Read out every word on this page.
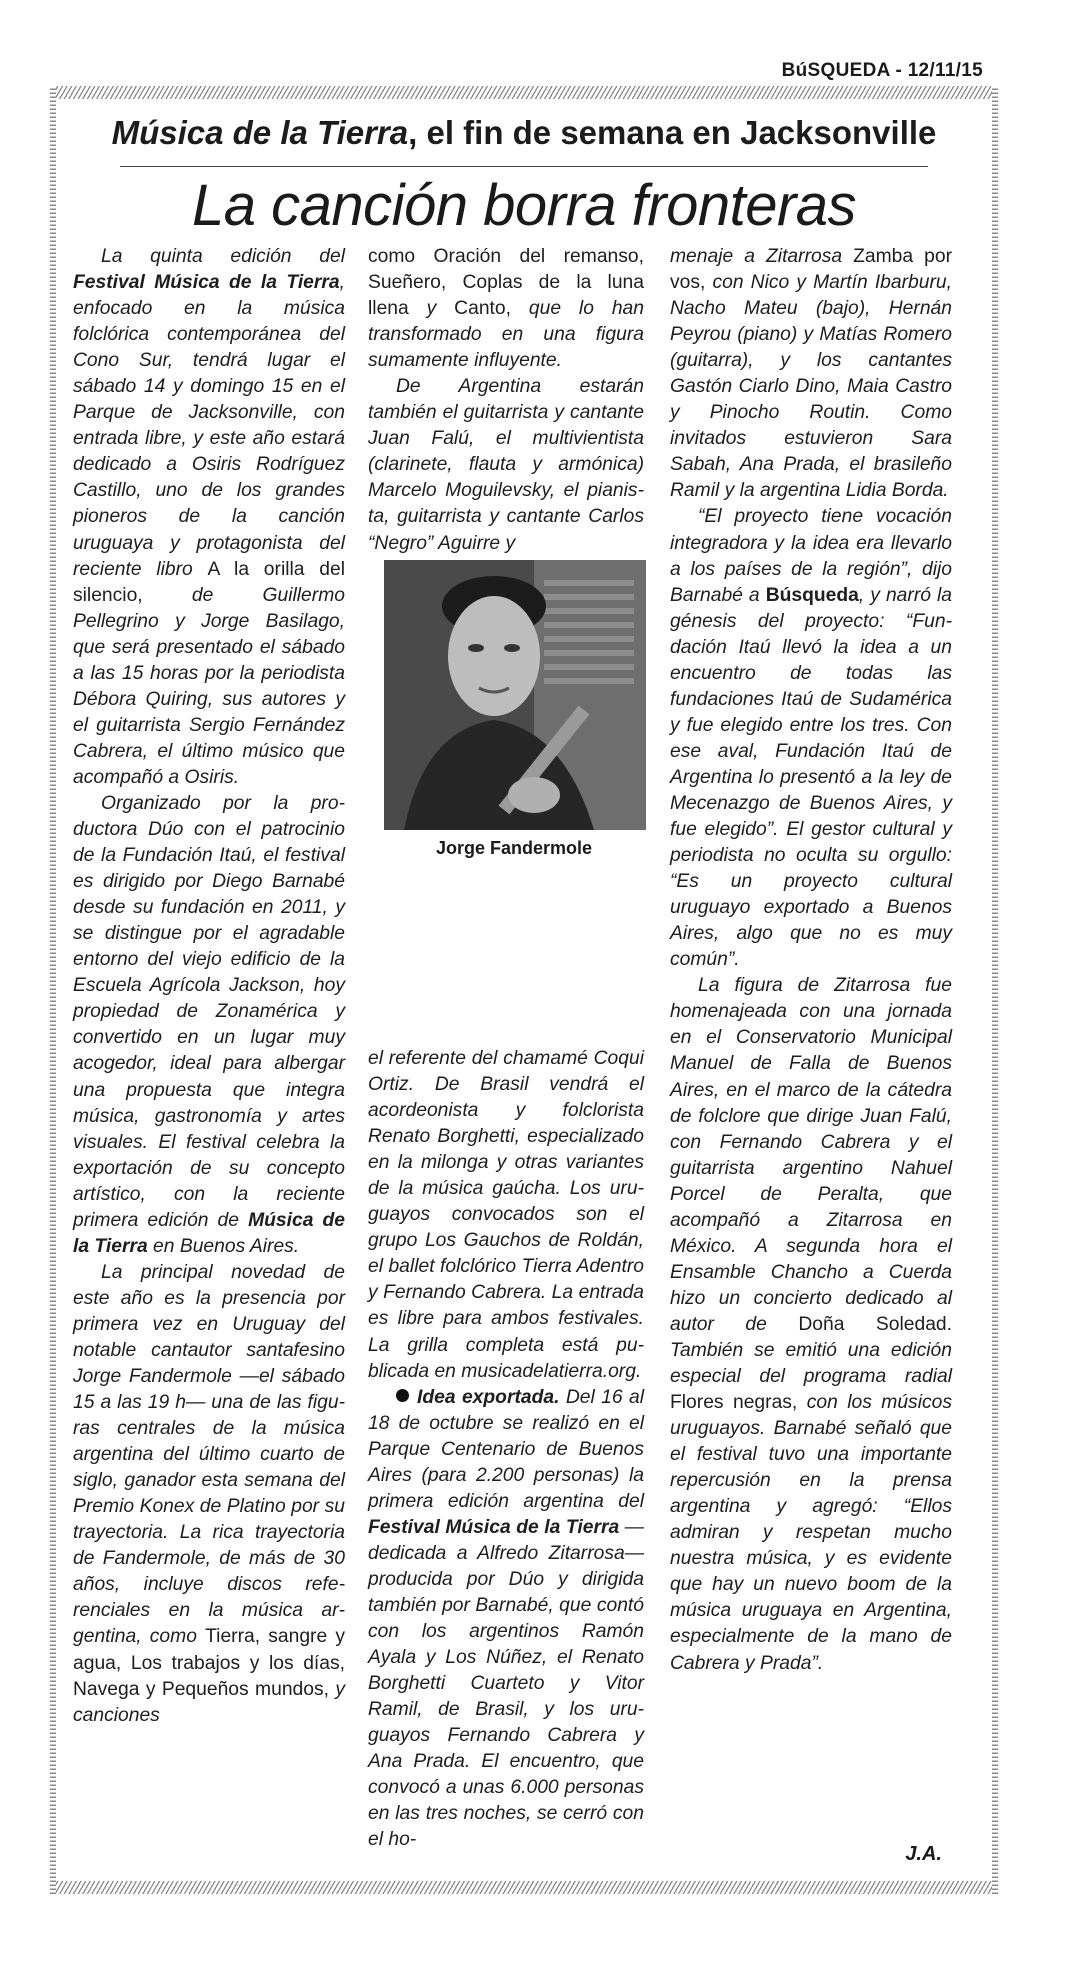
BúSQUEDA - 12/11/15
Música de la Tierra, el fin de semana en Jacksonville
La canción borra fronteras

La quinta edición del Festival Música de la Tierra, enfocado en la música folclórica contemporánea del Cono Sur, tendrá lugar el sábado 14 y domingo 15 en el Parque de Jacksonville, con entrada libre, y este año estará dedicado a Osiris Rodríguez Castillo, uno de los grandes pioneros de la canción uruguaya y protagonista del reciente libro A la orilla del silencio, de Guillermo Pellegrino y Jorge Basilago, que será presentado el sábado a las 15 horas por la periodista Débora Quiring, sus autores y el guitarrista Sergio Fernández Cabrera, el último músico que acompañó a Osiris.

Organizado por la productora Dúo con el patrocinio de la Fundación Itaú, el festival es dirigido por Diego Barnabé desde su fundación en 2011, y se distingue por el agradable entorno del viejo edificio de la Escuela Agrícola Jackson, hoy propiedad de Zonamérica y convertido en un lugar muy acogedor, ideal para albergar una propuesta que integra música, gastronomía y artes visuales. El festival celebra la exportación de su concepto artístico, con la reciente primera edición de Música de la Tierra en Buenos Aires.

La principal novedad de este año es la presencia por primera vez en Uruguay del notable cantautor santafesino Jorge Fandermole —el sábado 15 a las 19 h— una de las figuras centrales de la música argentina del último cuarto de siglo, ganador esta semana del Premio Konex de Platino por su trayectoria. La rica trayectoria de Fandermole, de más de 30 años, incluye discos referenciales en la música argentina, como Tierra, sangre y agua, Los trabajos y los días, Navega y Pequeños mundos, y canciones

como Oración del remanso, Sueñero, Coplas de la luna llena y Canto, que lo han transformado en una figura sumamente influyente.

De Argentina estarán también el guitarrista y cantante Juan Falú, el multivientista (clarinete, flauta y armónica) Marcelo Moguilevsky, el pianista, guitarrista y cantante Carlos “Negro” Aguirre y

Jorge Fandermole

el referente del chamamé Coqui Ortiz. De Brasil vendrá el acordeonista y folclorista Renato Borghetti, especializado en la milonga y otras variantes de la música gaúcha. Los uruguayos convocados son el grupo Los Gauchos de Roldán, el ballet folclórico Tierra Adentro y Fernando Cabrera. La entrada es libre para ambos festivales. La grilla completa está publicada en musicadelatierra.org.

Idea exportada. Del 16 al 18 de octubre se realizó en el Parque Centenario de Buenos Aires (para 2.200 personas) la primera edición argentina del Festival Música de la Tierra —dedicada a Alfredo Zitarrosa— producida por Dúo y dirigida también por Barnabé, que contó con los argentinos Ramón Ayala y Los Núñez, el Renato Borghetti Cuarteto y Vitor Ramil, de Brasil, y los uruguayos Fernando Cabrera y Ana Prada. El encuentro, que convocó a unas 6.000 personas en las tres noches, se cerró con el ho-

menaje a Zitarrosa Zamba por vos, con Nico y Martín Ibarburu, Nacho Mateu (bajo), Hernán Peyrou (piano) y Matías Romero (guitarra), y los cantantes Gastón Ciarlo Dino, Maia Castro y Pinocho Routin. Como invitados estuvieron Sara Sabah, Ana Prada, el brasileño Ramil y la argentina Lidia Borda.

“El proyecto tiene vocación integradora y la idea era llevarlo a los países de la región”, dijo Barnabé a Búsqueda, y narró la génesis del proyecto: “Fundación Itaú llevó la idea a un encuentro de todas las fundaciones Itaú de Sudamérica y fue elegido entre los tres. Con ese aval, Fundación Itaú de Argentina lo presentó a la ley de Mecenazgo de Buenos Aires, y fue elegido”. El gestor cultural y periodista no oculta su orgullo: “Es un proyecto cultural uruguayo exportado a Buenos Aires, algo que no es muy común”.

La figura de Zitarrosa fue homenajeada con una jornada en el Conservatorio Municipal Manuel de Falla de Buenos Aires, en el marco de la cátedra de folclore que dirige Juan Falú, con Fernando Cabrera y el guitarrista argentino Nahuel Porcel de Peralta, que acompañó a Zitarrosa en México. A segunda hora el Ensamble Chancho a Cuerda hizo un concierto dedicado al autor de Doña Soledad. También se emitió una edición especial del programa radial Flores negras, con los músicos uruguayos. Barnabé señaló que el festival tuvo una importante repercusión en la prensa argentina y agregó: “Ellos admiran y respetan mucho nuestra música, y es evidente que hay un nuevo boom de la música uruguaya en Argentina, especialmente de la mano de Cabrera y Prada”.

J.A.
